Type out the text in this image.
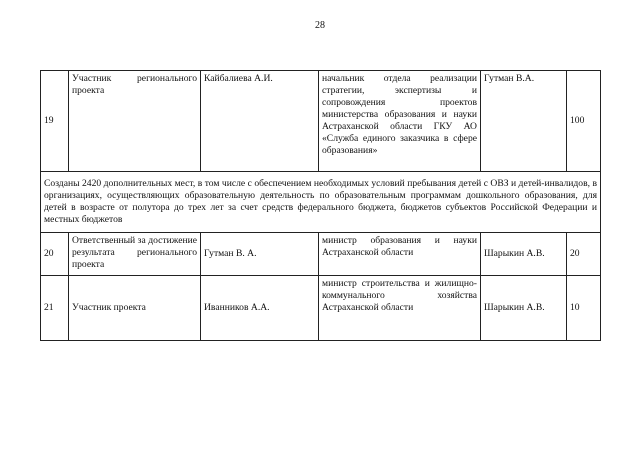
28
19	Участник регионального проекта	Кайбалиева А.И.	начальник отдела реализации стратегии, экспертизы и сопровождения проектов министерства образования и науки Астраханской области ГКУ АО «Служба единого заказчика в сфере образования»	Гутман В.А.	100
Созданы 2420 дополнительных мест, в том числе с обеспечением необходимых условий пребывания детей с ОВЗ и детей-инвалидов, в организациях, осуществляющих образовательную деятельность по образовательным программам дошкольного образования, для детей в возрасте от полутора до трех лет за счет средств федерального бюджета, бюджетов субъектов Российской Федерации и местных бюджетов					
20	Ответственный за достижение результата регионального проекта	Гутман В. А.	министр образования и науки Астраханской области	Шарыкин А.В.	20
21	Участник проекта	Иванников А.А.	министр строительства и жилищно-коммунального хозяйства Астраханской области	Шарыкин А.В.	10
